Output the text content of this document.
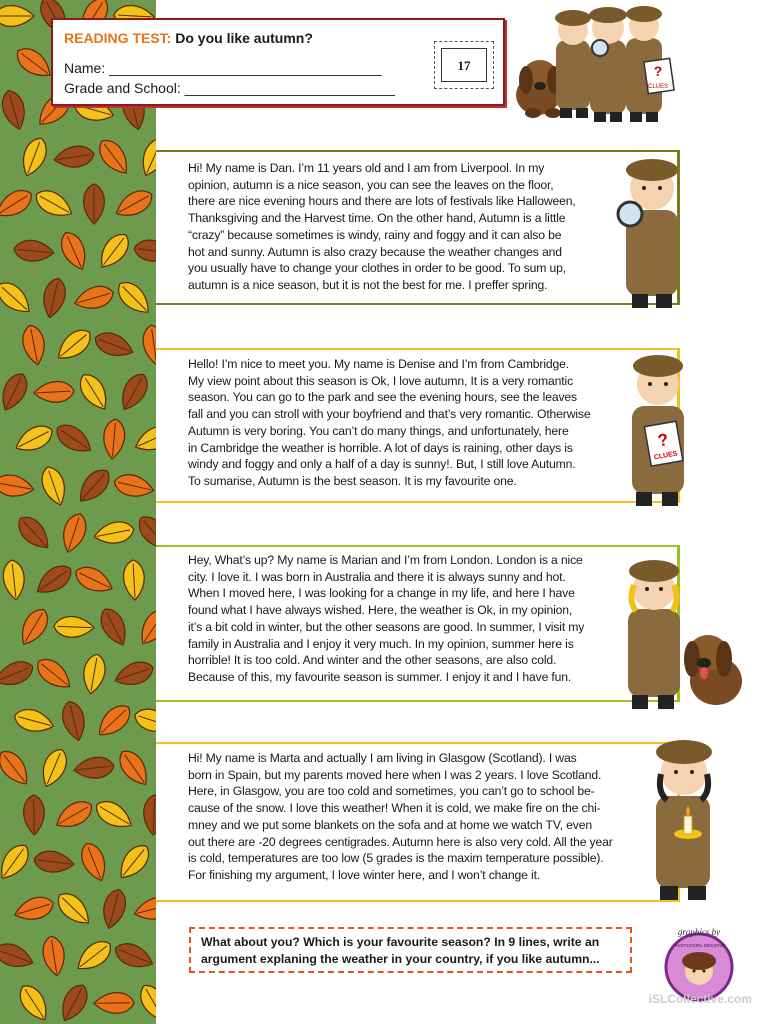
READING TEST: Do you like autumn?
Name: ___________________________________
Grade and School: ___________________________
17	?
CLUES
Hi! My name is Dan. I’m 11 years old and I am from Liverpool. In my
opinion, autumn is a nice season, you can see the leaves on the floor,
there are nice evening hours and there are lots of festivals like Halloween,
Thanksgiving and the Harvest time. On the other hand, Autumn is a little
“crazy” because sometimes is windy, rainy and foggy and it can also be
hot and sunny. Autumn is also crazy because the weather changes and
you usually have to change your clothes in order to be good. To sum up,
autumn is a nice season, but it is not the best for me. I preffer spring.
Hello! I’m nice to meet you. My name is Denise and I’m from Cambridge.
My view point about this season is Ok, I love autumn, It is a very romantic
season. You can go to the park and see the evening hours, see the leaves
fall and you can stroll with your boyfriend and that’s very romantic. Otherwise
Autumn is very boring. You can’t do many things, and unfortunately, here
in Cambridge the weather is horrible. A lot of days is raining, other days is
windy and foggy and only a half of a day is sunny!. But, I still love Autumn.
To sumarise, Autumn is the best season. It is my favourite one.
?
CLUES
Hey, What’s up? My name is Marian and I’m from London. London is a nice
city. I love it. I was born in Australia and there it is always sunny and hot.
When I moved here, I was looking for a change in my life, and here I have
found what I have always wished. Here, the weather is Ok, in my opinion,
it’s a bit cold in winter, but the other seasons are good. In summer, I visit my
family in Australia and I enjoy it very much. In my opinion, summer here is
horrible! It is too cold. And winter and the other seasons, are also cold.
Because of this, my favourite season is summer. I enjoy it and I have fun.
Hi! My name is Marta and actually I am living in Glasgow (Scotland). I was
born in Spain, but my parents moved here when I was 2 years. I love Scotland.
Here, in Glasgow, you are too cold and sometimes, you can’t go to school be-
cause of the snow. I love this weather! When it is cold, we make fire on the chi-
mney and we put some blankets on the sofa and at home we watch TV, even
out there are -20 degrees centigrades. Autumn here is also very cold. All the year
is cold, temperatures are too low (5 grades is the maxim temperature possible).
For finishing my argument, I love winter here, and I won’t change it.
What about you? Which is your favourite season? In 9 lines, write an
argument explaning the weather in your country, if you like autumn...
graphics by
THISTLEGIRL DESIGNS
iSLCollective.com
